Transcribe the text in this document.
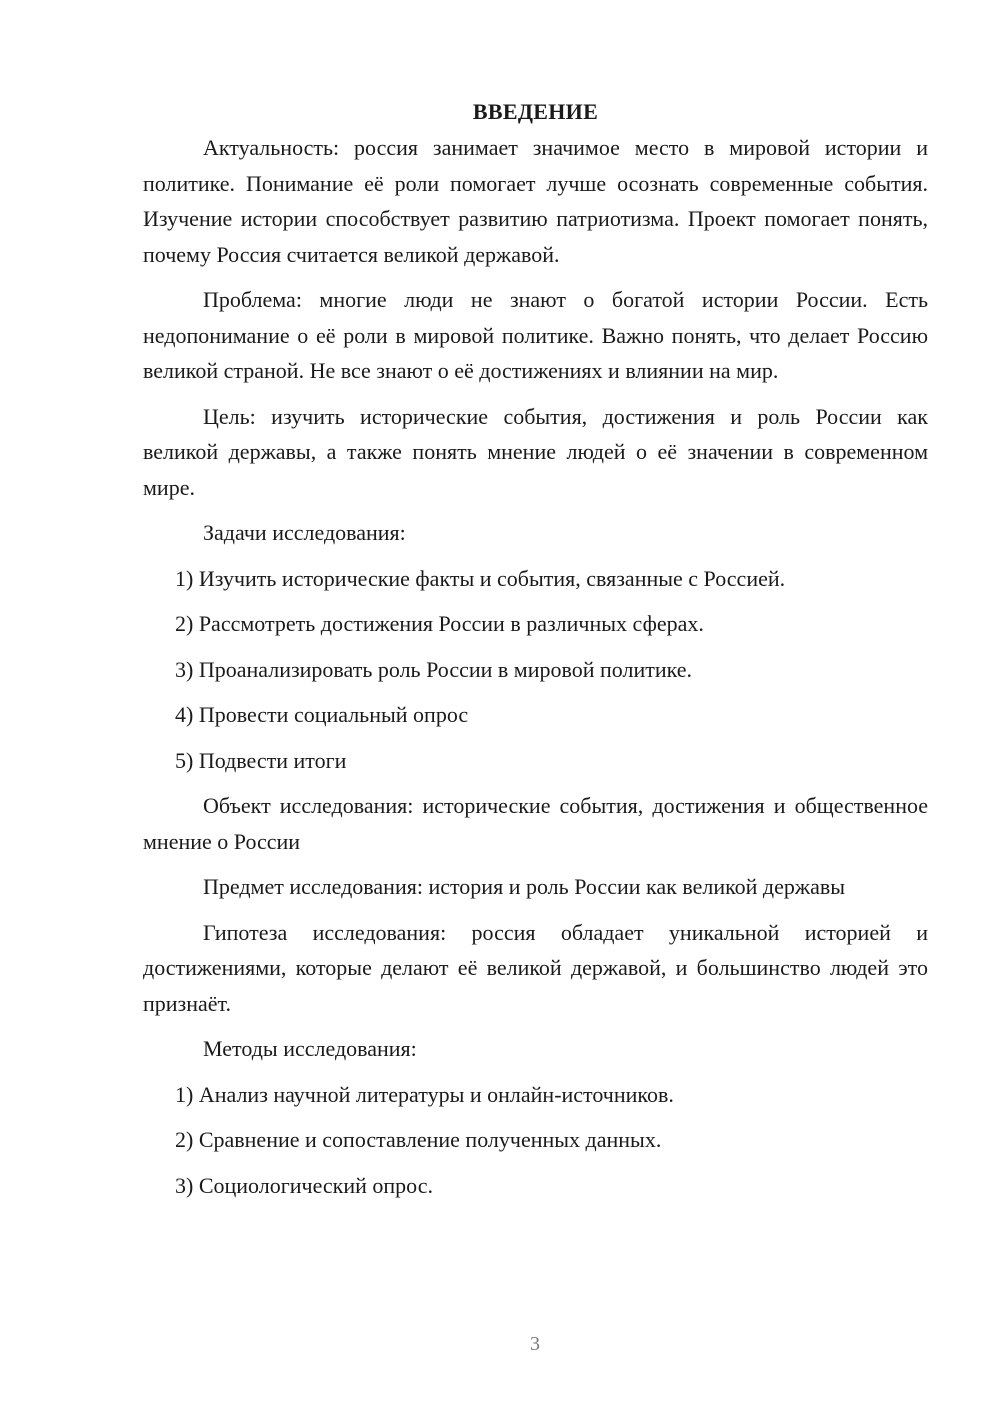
ВВЕДЕНИЕ

Актуальность: россия занимает значимое место в мировой истории и политике. Понимание её роли помогает лучше осознать современные события. Изучение истории способствует развитию патриотизма. Проект помогает понять, почему Россия считается великой державой.

Проблема: многие люди не знают о богатой истории России. Есть недопонимание о её роли в мировой политике. Важно понять, что делает Россию великой страной. Не все знают о её достижениях и влиянии на мир.

Цель: изучить исторические события, достижения и роль России как великой державы, а также понять мнение людей о её значении в современном мире.

Задачи исследования:

1) Изучить исторические факты и события, связанные с Россией.

2) Рассмотреть достижения России в различных сферах.

3) Проанализировать роль России в мировой политике.

4) Провести социальный опрос

5) Подвести итоги

Объект исследования: исторические события, достижения и общественное мнение о России

Предмет исследования: история и роль России как великой державы

Гипотеза исследования: россия обладает уникальной историей и достижениями, которые делают её великой державой, и большинство людей это признаёт.

Методы исследования:

1) Анализ научной литературы и онлайн-источников.

2) Сравнение и сопоставление полученных данных.

3) Социологический опрос.

3
